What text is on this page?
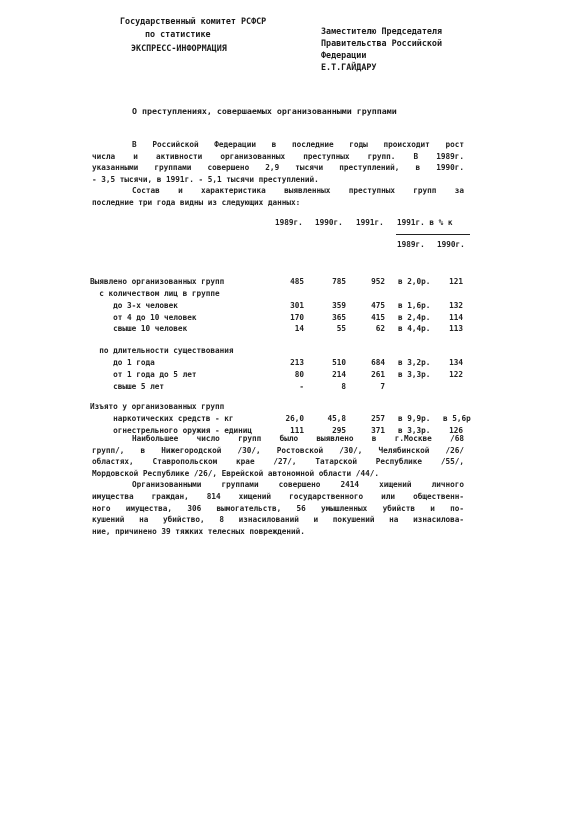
Государственный комитет РСФСР
по статистике
ЭКСПРЕСС-ИНФОРМАЦИЯ
Заместителю Председателя
Правительства Российской
Федерации
Е.Т.ГАЙДАРУ
О преступлениях, совершаемых организованными группами
В Российской Федерации в последние годы происходит рост
числа и активности организованных преступных групп. В 1989г.
указанными группами совершено 2,9 тысячи преступлений, в 1990г.
- 3,5 тысячи, в 1991г. - 5,1 тысячи преступлений.
Состав и характеристика выявленных преступных групп за
последние три года видны из следующих данных:
1989г. 1990г. 1991г. 1991г. в % к
1989г. 1990г.
Выявлено организованных групп	485	785	952 в 2,0р. 121
с количеством лиц в группе
до 3-х человек	301	359	475 в 1,6р. 132
от 4 до 10 человек	170	365	415 в 2,4р. 114
свыше 10 человек	14	55	62 в 4,4р. 113
по длительности существования
до 1 года	213	510	684 в 3,2р. 134
от 1 года до 5 лет	80	214	261 в 3,3р. 122
свыше 5 лет	-	8	7
Изъято у организованных групп
наркотических средств - кг	26,0	45,8	257 в 9,9р. в 5,6р
огнестрельного оружия - единиц	111	295	371 в 3,3р. 126
Наибольшее число групп было выявлено в г.Москве /68
групп/, в Нижегородской /30/, Ростовской /30/, Челябинской /26/
областях, Ставропольском крае /27/, Татарской Республике /55/,
Мордовской Республике /26/, Еврейской автономной области /44/.
Организованными группами совершено 2414 хищений личного
имущества граждан, 814 хищений государственного или общественн-
ного имущества, 306 вымогательств, 56 умышленных убийств и по-
кушений на убийство, 8 изнасилований и покушений на изнасилова-
ние, причинено 39 тяжких телесных повреждений.
